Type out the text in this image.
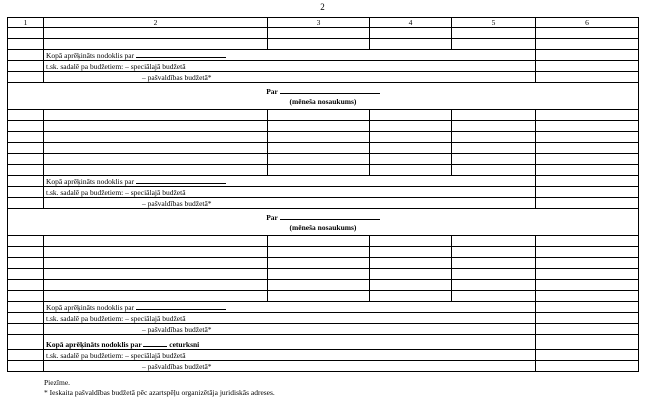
2
1	2	3	4	5	6

	Kopā aprēķināts nodoklis par				
	t.sk. sadalē pa budžetiem: – speciālajā budžetā				
	– pašvaldības budžetā*				
Par
(mēneša nosaukums)					

	Kopā aprēķināts nodoklis par				
	t.sk. sadalē pa budžetiem: – speciālajā budžetā				
	– pašvaldības budžetā*				
Par
(mēneša nosaukums)					

	Kopā aprēķināts nodoklis par				
	t.sk. sadalē pa budžetiem: – speciālajā budžetā				
	– pašvaldības budžetā*				
	Kopā aprēķināts nodoklis par ceturksni				
	t.sk. sadalē pa budžetiem: – speciālajā budžetā				
	– pašvaldības budžetā*				
Piezīme.
* Ieskaita pašvaldības budžetā pēc azartspēļu organizētāja juridiskās adreses.
